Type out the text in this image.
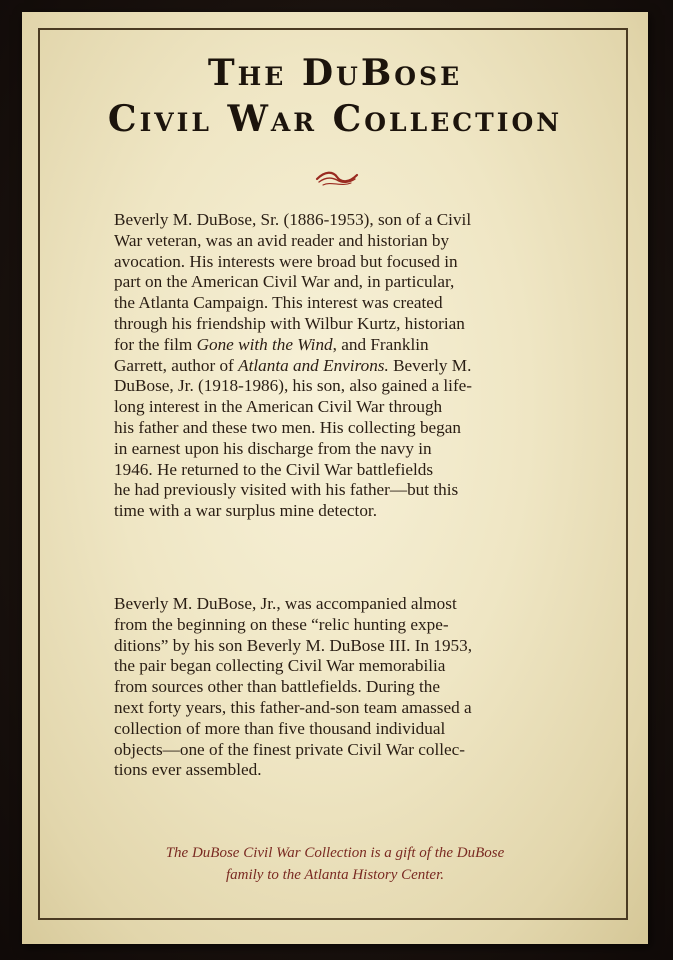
The DuBose
Civil War Collection
Beverly M. DuBose, Sr. (1886-1953), son of a Civil
War veteran, was an avid reader and historian by
avocation. His interests were broad but focused in
part on the American Civil War and, in particular,
the Atlanta Campaign. This interest was created
through his friendship with Wilbur Kurtz, historian
for the film Gone with the Wind, and Franklin
Garrett, author of Atlanta and Environs. Beverly M.
DuBose, Jr. (1918-1986), his son, also gained a life-
long interest in the American Civil War through
his father and these two men. His collecting began
in earnest upon his discharge from the navy in
1946. He returned to the Civil War battlefields
he had previously visited with his father—but this
time with a war surplus mine detector.
Beverly M. DuBose, Jr., was accompanied almost
from the beginning on these “relic hunting expe-
ditions” by his son Beverly M. DuBose III. In 1953,
the pair began collecting Civil War memorabilia
from sources other than battlefields. During the
next forty years, this father-and-son team amassed a
collection of more than five thousand individual
objects—one of the finest private Civil War collec-
tions ever assembled.
The DuBose Civil War Collection is a gift of the DuBose
family to the Atlanta History Center.
